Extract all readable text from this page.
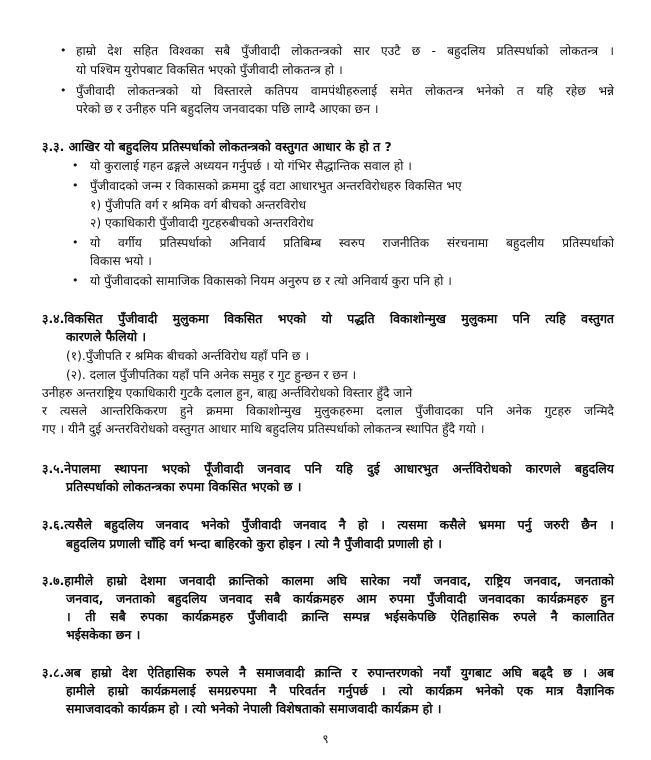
• हाम्रो देश सहित विश्वका सबै पुँजीवादी लोकतन्त्रको सार एउटै छ - बहुदलिय प्रतिस्पर्धाको लोकतन्त्र ।
यो पश्चिम युरोपबाट विकसित भएको पुँजीवादी लोकतन्त्र हो ।
• पुँजीवादी लोकतन्त्रको यो विस्तारले कतिपय वामपंथीहरुलाई समेत लोकतन्त्र भनेको त यहि रहेछ भन्ने
परेको छ र उनीहरु पनि बहुदलिय जनवादका पछि लाग्दै आएका छन ।
३.३. आखिर यो बहुदलिय प्रतिस्पर्धाको लोकतन्त्रको वस्तुगत आधार के हो त ?
• यो कुरालाई गहन ढङ्गले अध्ययन गर्नुपर्छ । यो गंभिर सैद्धान्तिक सवाल हो ।
• पुँजीवादको जन्म र विकासको क्रममा दुई वटा आधारभुत अन्तरविरोधहरु विकसित भए
१) पुँजीपति वर्ग र श्रमिक वर्ग बीचको अन्तरविरोध
२) एकाधिकारी पुँजीवादी गुटहरुबीचको अन्तरविरोध
• यो वर्गीय प्रतिस्पर्धाको अनिवार्य प्रतिबिम्ब स्वरुप राजनीतिक संरचनामा बहुदलीय प्रतिस्पर्धाको
विकास भयो ।
• यो पुँजीवादको सामाजिक विकासको नियम अनुरुप छ र त्यो अनिवार्य कुरा पनि हो ।
३.४.विकसित पुँजीवादी मुलुकमा विकसित भएको यो पद्धति विकाशोन्मुख मुलुकमा पनि त्यहि वस्तुगत
कारणले फैलियो ।
(१).पुँजीपति र श्रमिक बीचको अर्न्तविरोध यहाँ पनि छ ।
(२). दलाल पुँजीपतिका यहाँ पनि अनेक समुह र गुट हुन्छन र छन ।
उनीहरु अन्तराष्ट्रिय एकाधिकारी गुटकै दलाल हुन, बाह्य अर्न्तविरोधको विस्तार हुँदै जाने
र त्यसले आन्तरिकिकरण हुने क्रममा विकाशोन्मुख मुलुकहरुमा दलाल पुँजीवादका पनि अनेक गुटहरु जन्मिदै
गए । यीनै दुई अन्तरविरोधको वस्तुगत आधार माथि बहुदलिय प्रतिस्पर्धाको लोकतन्त्र स्थापित हुँदै गयो ।
३.५.नेपालमा स्थापना भएको पूँजीवादी जनवाद पनि यहि दुई आधारभुत अर्न्तविरोधको कारणले बहुदलिय
प्रतिस्पर्धाको लोकतन्त्रका रुपमा विकसित भएको छ ।
३.६.त्यसैले बहुदलिय जनवाद भनेको पुँजीवादी जनवाद नै हो । त्यसमा कसैले भ्रममा पर्नु जरुरी छैन ।
बहुदलिय प्रणाली चाँहि वर्ग भन्दा बाहिरको कुरा होइन । त्यो नै पुँजीवादी प्रणाली हो ।
३.७.हामीले हाम्रो देशमा जनवादी क्रान्तिको कालमा अघि सारेका नयाँ जनवाद, राष्ट्रिय जनवाद, जनताको
जनवाद, जनताको बहुदलिय जनवाद सबै कार्यक्रमहरु आम रुपमा पुँजीवादी जनवादका कार्यक्रमहरु हुन
। ती सबै रुपका कार्यक्रमहरु पुँजीवादी क्रान्ति सम्पन्न भईसकेपछि ऐतिहासिक रुपले नै कालातित
भईसकेका छन ।
३.८.अब हाम्रो देश ऐतिहासिक रुपले नै समाजवादी क्रान्ति र रुपान्तरणको नयाँ युगबाट अघि बढ्दै छ । अब
हामीले हाम्रो कार्यक्रमलाई समग्ररुपमा नै परिवर्तन गर्नुपर्छ । त्यो कार्यक्रम भनेको एक मात्र वैज्ञानिक
समाजवादको कार्यक्रम हो । त्यो भनेको नेपाली विशेषताको समाजवादी कार्यक्रम हो ।
९
